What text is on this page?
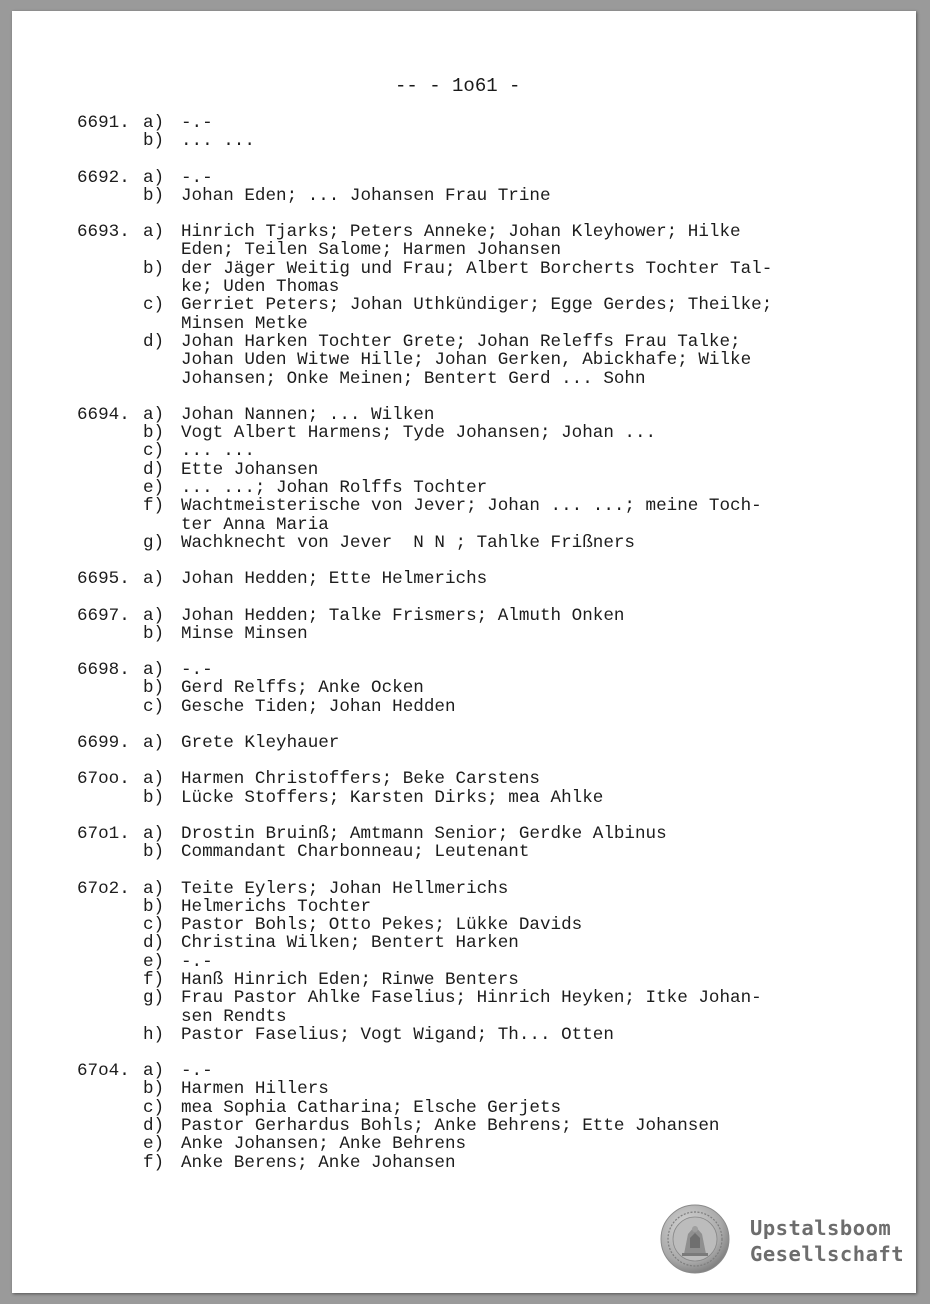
-- - 1o61 -
6691. a) -.-
b) ... ...
6692. a) -.-
b) Johan Eden; ... Johansen Frau Trine
6693. a) Hinrich Tjarks; Peters Anneke; Johan Kleyhower; Hilke
Eden; Teilen Salome; Harmen Johansen
b) der Jäger Weitig und Frau; Albert Borcherts Tochter Tal-
ke; Uden Thomas
c) Gerriet Peters; Johan Uthkündiger; Egge Gerdes; Theilke;
Minsen Metke
d) Johan Harken Tochter Grete; Johan Releffs Frau Talke;
Johan Uden Witwe Hille; Johan Gerken, Abickhafe; Wilke
Johansen; Onke Meinen; Bentert Gerd ... Sohn
6694. a) Johan Nannen; ... Wilken
b) Vogt Albert Harmens; Tyde Johansen; Johan ...
c) ... ...
d) Ette Johansen
e) ... ...; Johan Rolffs Tochter
f) Wachtmeisterische von Jever; Johan ... ...; meine Toch-
ter Anna Maria
g) Wachknecht von Jever  N N ; Tahlke Frißners
6695. a) Johan Hedden; Ette Helmerichs
6697. a) Johan Hedden; Talke Frismers; Almuth Onken
b) Minse Minsen
6698. a) -.-
b) Gerd Relffs; Anke Ocken
c) Gesche Tiden; Johan Hedden
6699. a) Grete Kleyhauer
67oo. a) Harmen Christoffers; Beke Carstens
b) Lücke Stoffers; Karsten Dirks; mea Ahlke
67o1. a) Drostin Bruinß; Amtmann Senior; Gerdke Albinus
b) Commandant Charbonneau; Leutenant
67o2. a) Teite Eylers; Johan Hellmerichs
b) Helmerichs Tochter
c) Pastor Bohls; Otto Pekes; Lükke Davids
d) Christina Wilken; Bentert Harken
e) -.-
f) Hanß Hinrich Eden; Rinwe Benters
g) Frau Pastor Ahlke Faselius; Hinrich Heyken; Itke Johan-
sen Rendts
h) Pastor Faselius; Vogt Wigand; Th... Otten
67o4. a) -.-
b) Harmen Hillers
c) mea Sophia Catharina; Elsche Gerjets
d) Pastor Gerhardus Bohls; Anke Behrens; Ette Johansen
e) Anke Johansen; Anke Behrens
f) Anke Berens; Anke Johansen
Upstalsboom
Gesellschaft
